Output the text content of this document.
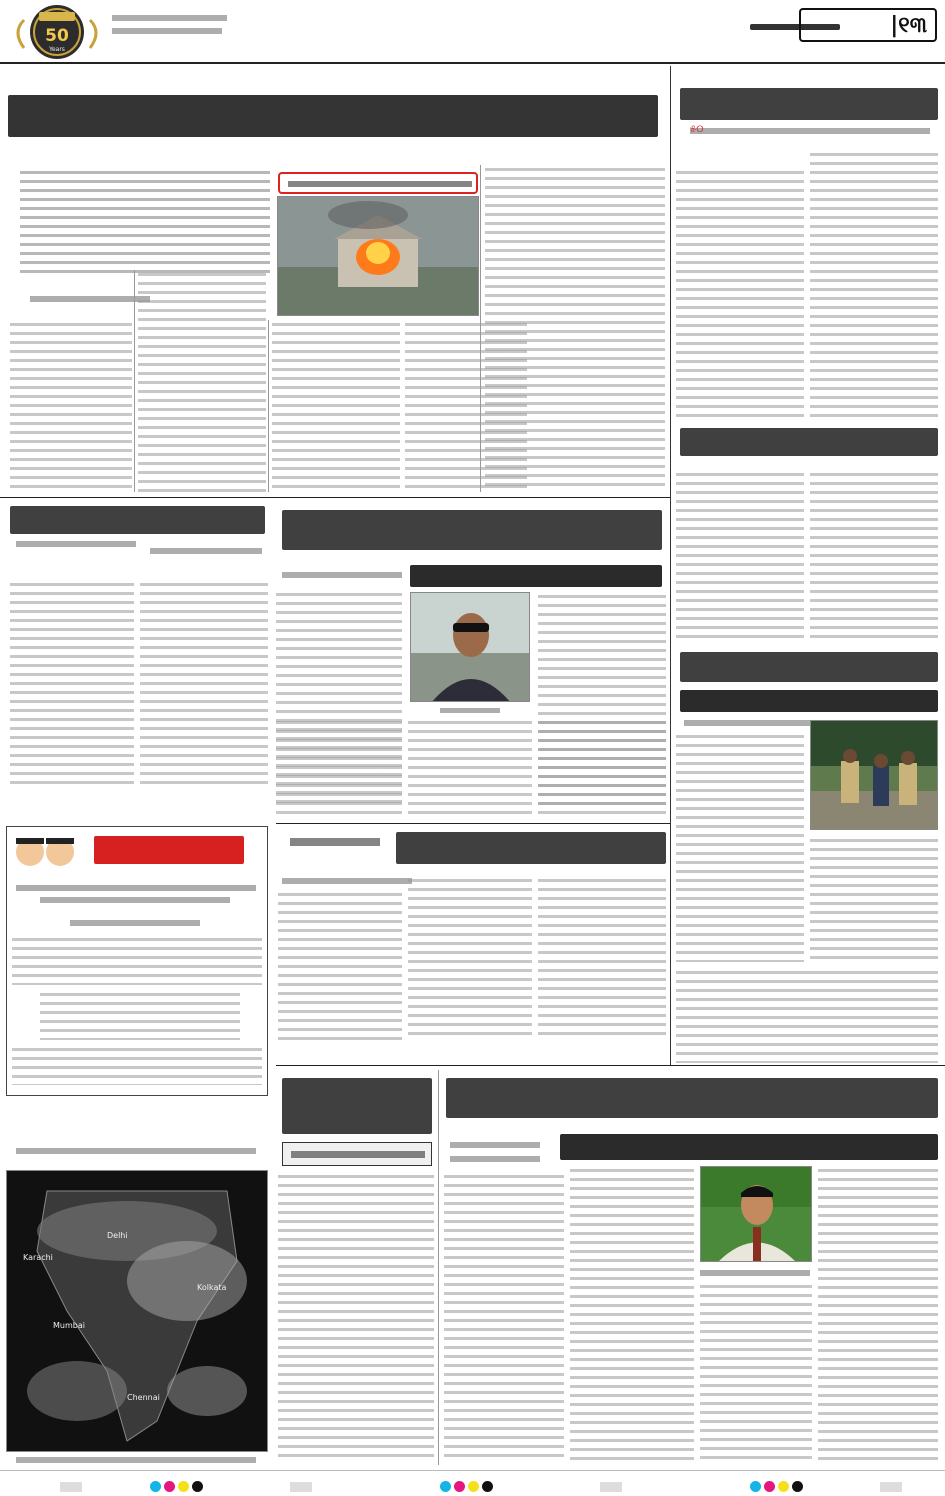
50
Years
|୧୩
୫୦
Karachi
Mumbai
Chennai
Delhi
Kolkata
